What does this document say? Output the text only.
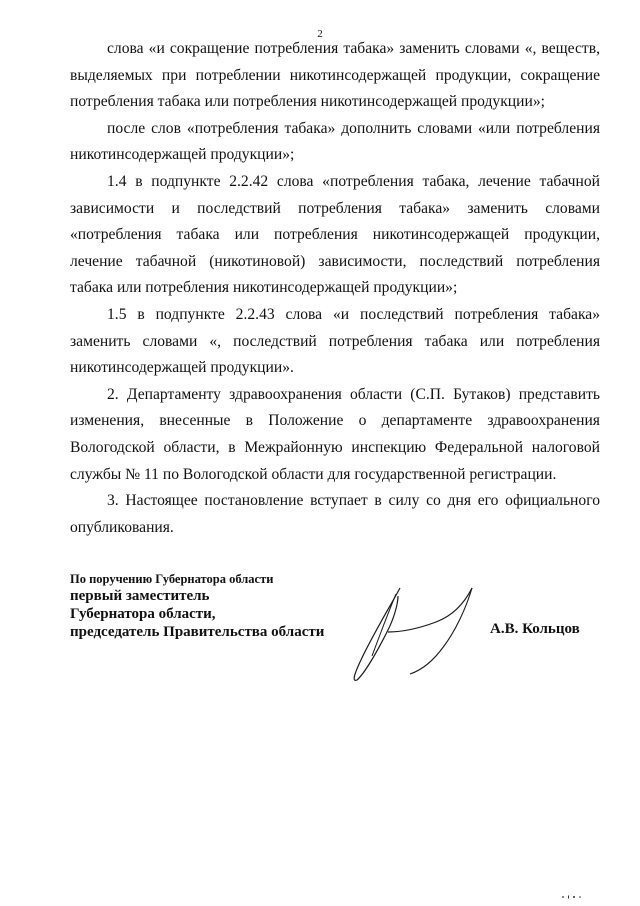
2

слова «и сокращение потребления табака» заменить словами «, веществ, выделяемых при потреблении никотинсодержащей продукции, сокращение потребления табака или потребления никотинсодержащей продукции»;

после слов «потребления табака» дополнить словами «или потребления никотинсодержащей продукции»;

1.4 в подпункте 2.2.42 слова «потребления табака, лечение табачной зависимости и последствий потребления табака» заменить словами «потребления табака или потребления никотинсодержащей продукции, лечение табачной (никотиновой) зависимости, последствий потребления табака или потребления никотинсодержащей продукции»;

1.5 в подпункте 2.2.43 слова «и последствий потребления табака» заменить словами «, последствий потребления табака или потребления никотинсодержащей продукции».

2. Департаменту здравоохранения области (С.П. Бутаков) представить изменения, внесенные в Положение о департаменте здравоохранения Вологодской области, в Межрайонную инспекцию Федеральной налоговой службы № 11 по Вологодской области для государственной регистрации.

3. Настоящее постановление вступает в силу со дня его официального опубликования.

По поручению Губернатора области
первый заместитель
Губернатора области,
председатель Правительства области	А.В. Кольцов
